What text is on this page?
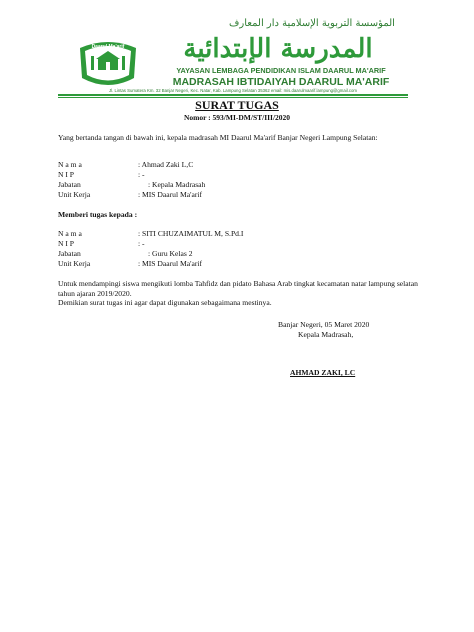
Daarul Ma'arif
المؤسسة التربوية الإسلامية دار المعارف
المدرسة الإبتدائية
YAYASAN LEMBAGA PENDIDIKAN ISLAM DAARUL MA'ARIF
MADRASAH IBTIDAIYAH DAARUL MA'ARIF
Jl. Lintas Sumatera Km. 32 Banjar Negeri, Kec. Natar, Kab. Lampung Selatan 35362 email: mis.daarulmaarif.lampung@gmail.com
SURAT TUGAS
Nomor : 593/MI-DM/ST/III/2020
Yang bertanda tangan di bawah ini, kepala madrasah MI Daarul Ma'arif Banjar Negeri Lampung Selatan:
N a m a	: Ahmad Zaki L,C
N I P	: -
Jabatan	: Kepala Madrasah
Unit Kerja	: MIS Daarul Ma'arif
Memberi tugas kepada :
N a m a	: SITI CHUZAIMATUL M, S.Pd.I
N I P	: -
Jabatan	: Guru Kelas 2
Unit Kerja	: MIS Daarul Ma'arif
Untuk mendampingi siswa mengikuti lomba Tahfidz dan pidato Bahasa Arab tingkat kecamatan natar lampung selatan tahun ajaran 2019/2020.
Demikian surat tugas ini agar dapat digunakan sebagaimana mestinya.
Banjar Negeri, 05 Maret 2020
Kepala Madrasah,
AHMAD ZAKI, LC
